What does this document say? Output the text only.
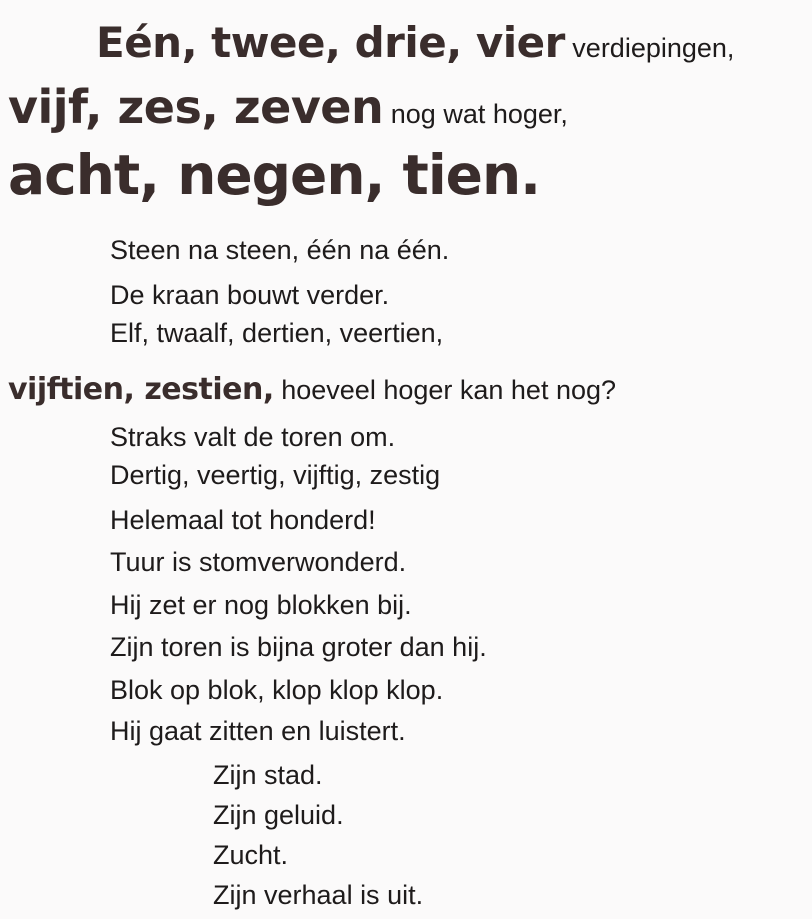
Eén, twee, drie, vier verdiepingen,
vijf, zes, zeven nog wat hoger,
acht, negen, tien.
Steen na steen, één na één.
De kraan bouwt verder.
Elf, twaalf, dertien, veertien,
vijftien, zestien, hoeveel hoger kan het nog?
Straks valt de toren om.
Dertig, veertig, vijftig, zestig
Helemaal tot honderd!
Tuur is stomverwonderd.
Hij zet er nog blokken bij.
Zijn toren is bijna groter dan hij.
Blok op blok, klop klop klop.
Hij gaat zitten en luistert.
Zijn stad.
Zijn geluid.
Zucht.
Zijn verhaal is uit.
